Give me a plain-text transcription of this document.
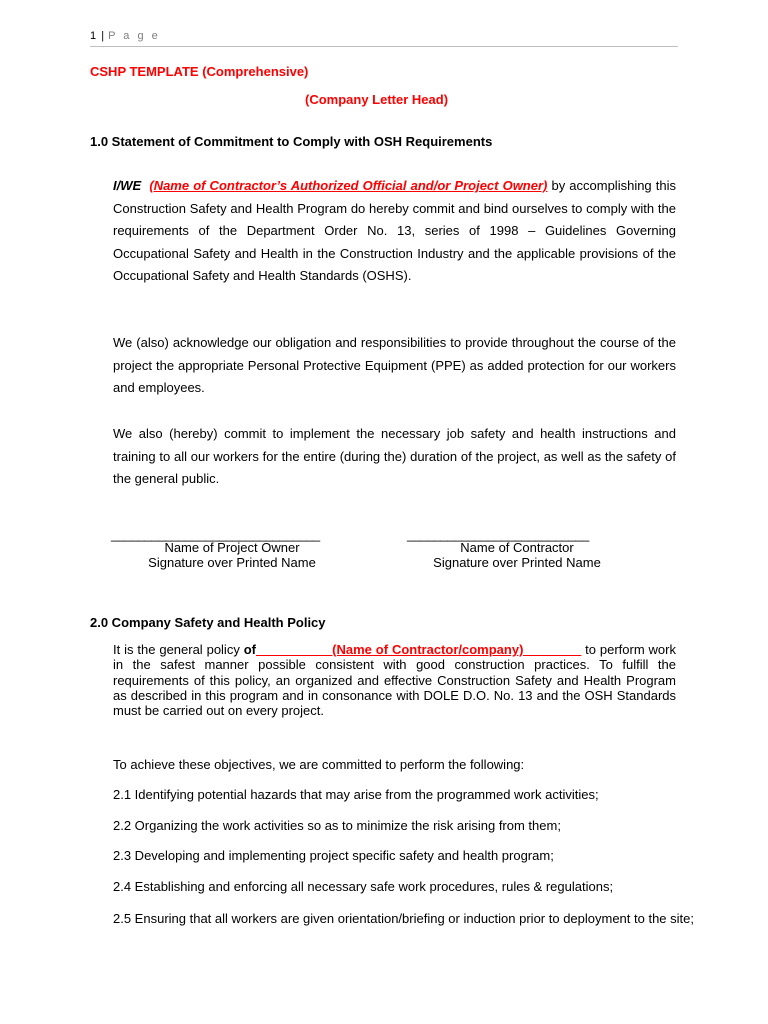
1 | P a g e
CSHP TEMPLATE (Comprehensive)
(Company Letter Head)
1.0 Statement of Commitment to Comply with OSH Requirements
I/WE (Name of Contractor’s Authorized Official and/or Project Owner) by accomplishing this Construction Safety and Health Program do hereby commit and bind ourselves to comply with the requirements of the Department Order No. 13, series of 1998 – Guidelines Governing Occupational Safety and Health in the Construction Industry and the applicable provisions of the Occupational Safety and Health Standards (OSHS).
We (also) acknowledge our obligation and responsibilities to provide throughout the course of the project the appropriate Personal Protective Equipment (PPE) as added protection for our workers and employees.
We also (hereby) commit to implement the necessary job safety and health instructions and training to all our workers for the entire (during the) duration of the project, as well as the safety of the general public.
_______________________________
Name of Project Owner
Signature over Printed Name
___________________________
Name of Contractor
Signature over Printed Name
2.0 Company Safety and Health Policy
It is the general policy of __________(Name of Contractor/company)________ to perform work in the safest manner possible consistent with good construction practices. To fulfill the requirements of this policy, an organized and effective Construction Safety and Health Program as described in this program and in consonance with DOLE D.O. No. 13 and the OSH Standards must be carried out on every project.
To achieve these objectives, we are committed to perform the following:
2.1 Identifying potential hazards that may arise from the programmed work activities;
2.2 Organizing the work activities so as to minimize the risk arising from them;
2.3 Developing and implementing project specific safety and health program;
2.4 Establishing and enforcing all necessary safe work procedures, rules & regulations;
2.5 Ensuring that all workers are given orientation/briefing or induction prior to deployment to the site;
